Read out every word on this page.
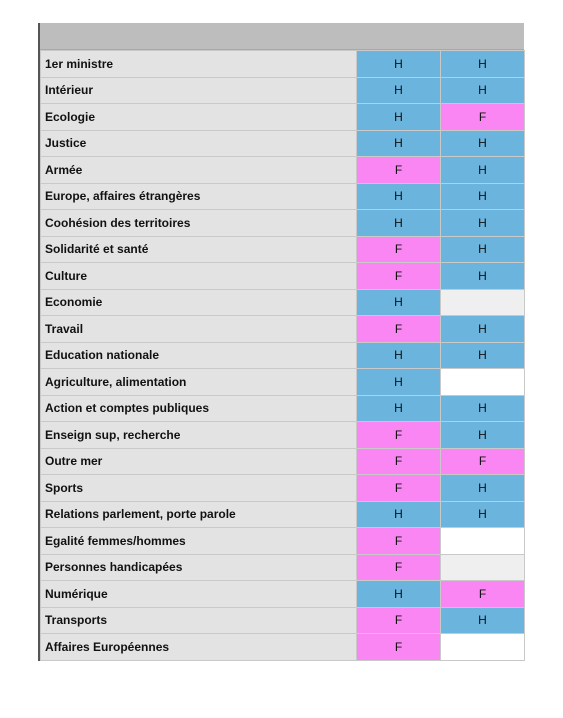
1er ministre	H	H
Intérieur	H	H
Ecologie	H	F
Justice	H	H
Armée	F	H
Europe, affaires étrangères	H	H
Coohésion des territoires	H	H
Solidarité et santé	F	H
Culture	F	H
Economie	H	
Travail	F	H
Education nationale	H	H
Agriculture, alimentation	H	
Action et comptes publiques	H	H
Enseign sup, recherche	F	H
Outre mer	F	F
Sports	F	H
Relations parlement, porte parole	H	H
Egalité femmes/hommes	F	
Personnes handicapées	F	
Numérique	H	F
Transports	F	H
Affaires Européennes	F	
